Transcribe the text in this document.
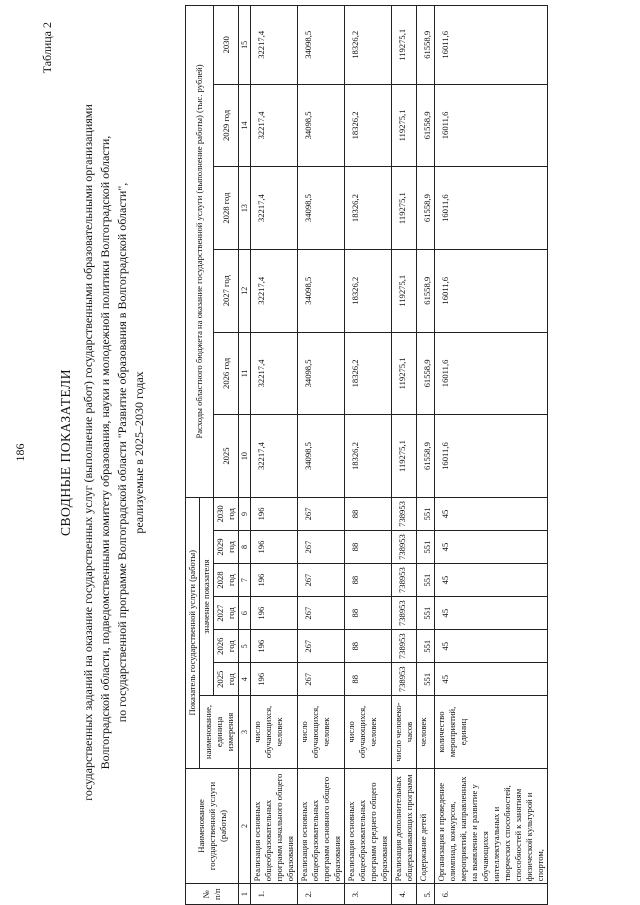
186
Таблица 2
СВОДНЫЕ ПОКАЗАТЕЛИ государственных заданий на оказание государственных услуг (выполнение работ) государственными образовательными организациями Волгоградской области, подведомственными комитету образования, науки и молодежной политики Волгоградской области, по государственной программе Волгоградской области "Развитие образования в Волгоградской области", реализуемые в 2025–2030 годах
№ п/п	Наименование государственной услуги (работы)	Показатель государственной услуги (работы)							Расходы областного бюджета на оказание государственной услуги (выполнение работы) (тыс. рублей)					
		наименование, единица измерения	значение показателя											
			2025 год	2026 год	2027 год	2028 год	2029 год	2030 год	2025	2026 год	2027 год	2028 год	2029 год	2030
1	2	3	4	5	6	7	8	9	10	11	12	13	14	15
1.	Реализация основных общеобразовательных программ начального общего образования	число обучающихся, человек	196	196	196	196	196	196	32217,4	32217,4	32217,4	32217,4	32217,4	32217,4
2.	Реализация основных общеобразовательных программ основного общего образования	число обучающихся, человек	267	267	267	267	267	267	34098,5	34098,5	34098,5	34098,5	34098,5	34098,5
3.	Реализация основных общеобразовательных программ среднего общего образования	число обучающихся, человек	88	88	88	88	88	88	18326,2	18326,2	18326,2	18326,2	18326,2	18326,2
4.	Реализация дополнительных общеразвивающих программ	число человеко-часов	738953	738953	738953	738953	738953	738953	119275,1	119275,1	119275,1	119275,1	119275,1	119275,1
5.	Содержание детей	человек	551	551	551	551	551	551	61558,9	61558,9	61558,9	61558,9	61558,9	61558,9
6.	Организация и проведение олимпиад, конкурсов, мероприятий, направленных на выявление и развитие у обучающихся интеллектуальных и творческих способностей, способностей к занятиям физической культурой и спортом,	количество мероприятий, единиц	45	45	45	45	45	45	16011,6	16011,6	16011,6	16011,6	16011,6	16011,6
